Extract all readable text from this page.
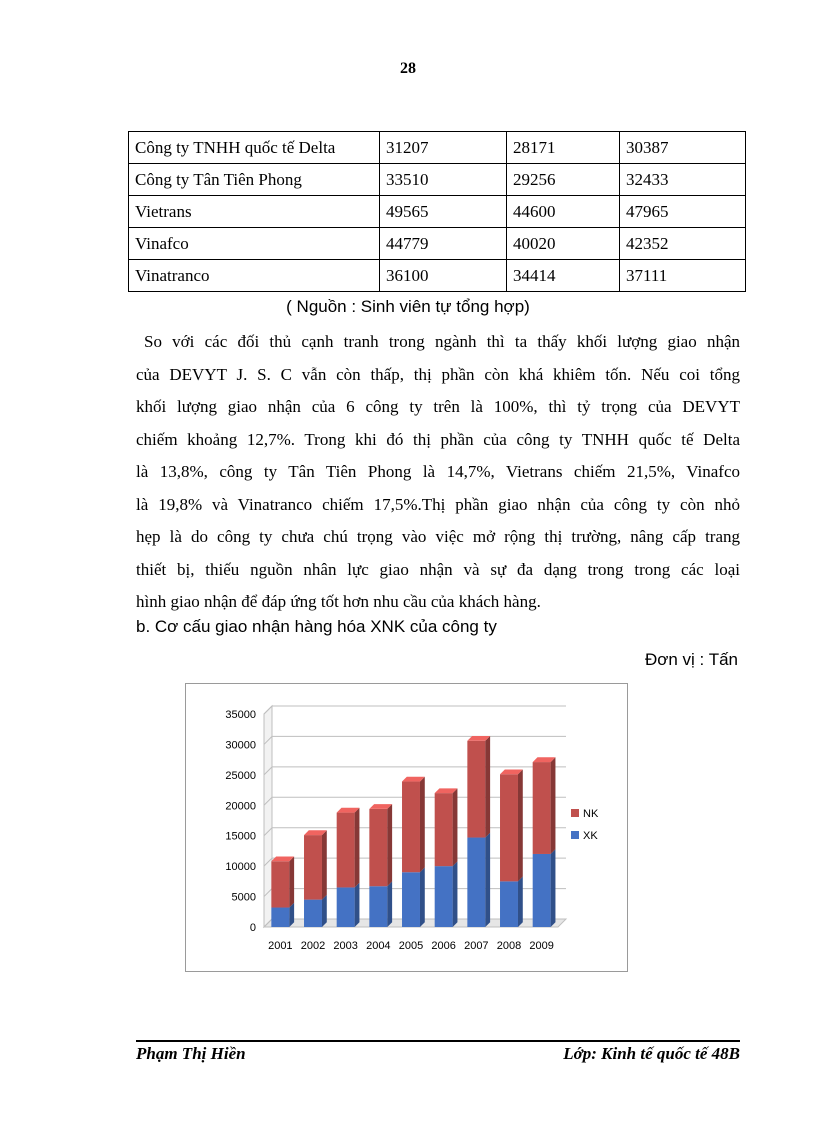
28
Công ty TNHH quốc tế Delta	31207	28171	30387
Công ty Tân Tiên Phong	33510	29256	32433
Vietrans	49565	44600	47965
Vinafco	44779	40020	42352
Vinatranco	36100	34414	37111
( Nguồn : Sinh viên tự tổng hợp)
So với các đối thủ cạnh tranh trong ngành thì ta thấy khối lượng giao nhận
của DEVYT J. S. C vẫn còn thấp, thị phần còn khá khiêm tốn. Nếu coi tổng
khối lượng giao nhận của 6 công ty trên là 100%, thì tỷ trọng của DEVYT
chiếm khoảng 12,7%. Trong khi đó thị phần của công ty TNHH quốc tế Delta
là 13,8%, công ty Tân Tiên Phong là 14,7%, Vietrans chiếm 21,5%, Vinafco
là 19,8% và Vinatranco chiếm 17,5%.Thị phần giao nhận của công ty còn nhỏ
hẹp là do công ty chưa chú trọng vào việc mở rộng thị trường, nâng cấp trang
thiết bị, thiếu nguồn nhân lực giao nhận và sự đa dạng trong trong các loại
hình giao nhận để đáp ứng tốt hơn nhu cầu của khách hàng.
b. Cơ cấu giao nhận hàng hóa XNK của công ty
Đơn vị : Tấn
0
5000
10000
15000
20000
25000
30000
35000
2001 2002 2003 2004 2005 2006 2007 2008 2009
NK
XK
Phạm Thị Hiền	Lớp: Kinh tế quốc tế 48B
